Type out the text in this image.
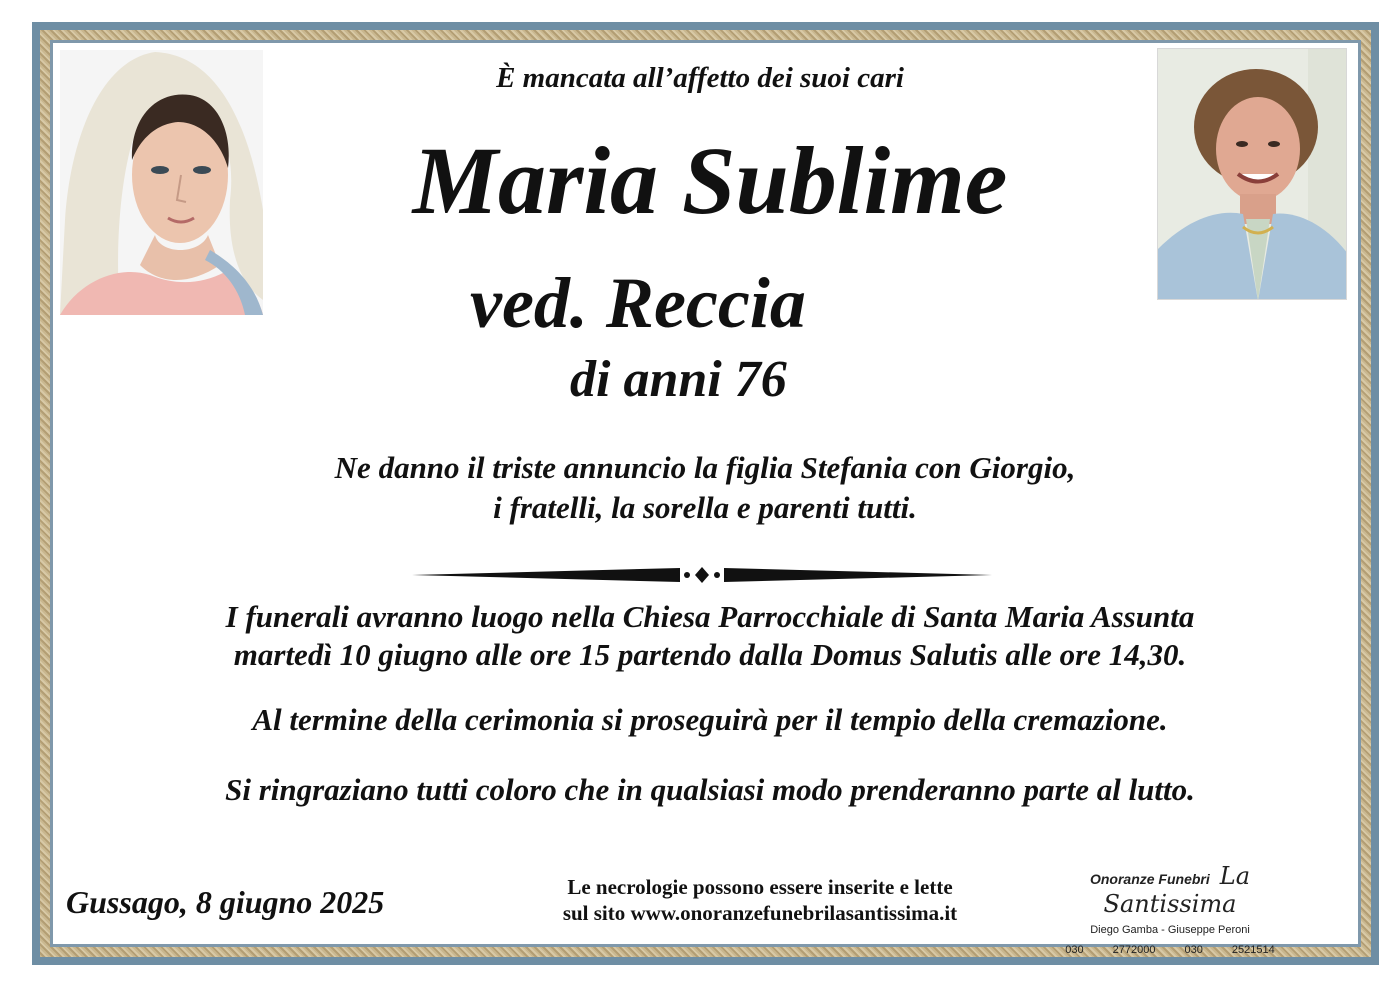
È mancata all’affetto dei suoi cari
Maria Sublime
ved. Reccia
di anni 76
Ne danno il triste annuncio la figlia Stefania con Giorgio,
i fratelli, la sorella e parenti tutti.
I funerali avranno luogo nella Chiesa Parrocchiale di Santa Maria Assunta
martedì 10 giugno alle ore 15 partendo dalla Domus Salutis alle ore 14,30.
Al termine della cerimonia si proseguirà per il tempio della cremazione.
Si ringraziano tutti coloro che in qualsiasi modo prenderanno parte al lutto.
Gussago, 8 giugno 2025	Le necrologie possono essere inserite e lette
sul sito www.onoranzefunebrilasantissima.it
Onoranze Funebri La Santissima
Diego Gamba - Giuseppe Peroni
030 2772000 030 2521514
